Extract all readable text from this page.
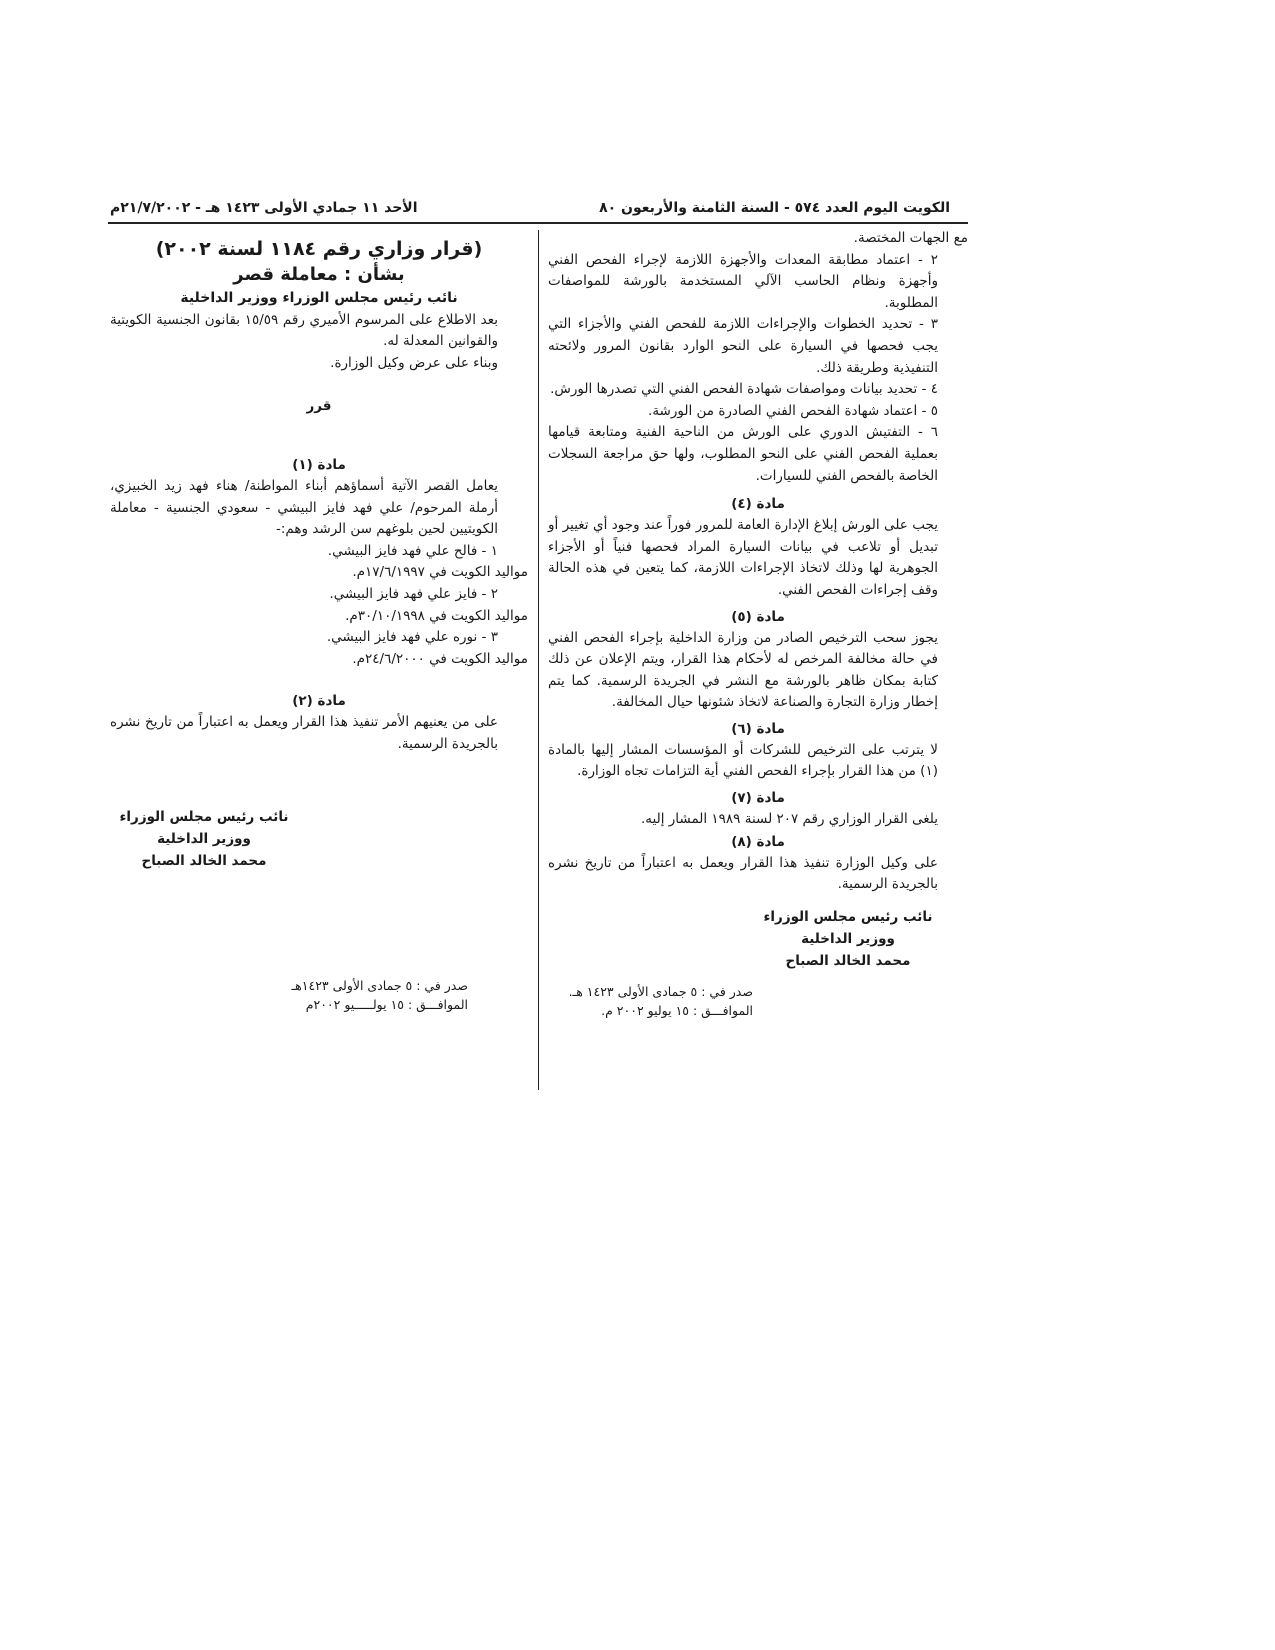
الكويت اليوم العدد ٥٧٤ - السنة الثامنة والأربعون ٨٠
الأحد ١١ جمادي الأولى ١٤٢٣ هـ - ٢١/٧/٢٠٠٢م

مع الجهات المختصة.

٢ - اعتماد مطابقة المعدات والأجهزة اللازمة لإجراء الفحص الفني وأجهزة ونظام الحاسب الآلي المستخدمة بالورشة للمواصفات المطلوبة.

٣ - تحديد الخطوات والإجراءات اللازمة للفحص الفني والأجزاء التي يجب فحصها في السيارة على النحو الوارد بقانون المرور ولائحته التنفيذية وطريقة ذلك.

٤ - تحديد بيانات ومواصفات شهادة الفحص الفني التي تصدرها الورش.

٥ - اعتماد شهادة الفحص الفني الصادرة من الورشة.

٦ - التفتيش الدوري على الورش من الناحية الفنية ومتابعة قيامها بعملية الفحص الفني على النحو المطلوب، ولها حق مراجعة السجلات الخاصة بالفحص الفني للسيارات.

مادة (٤)

يجب على الورش إبلاغ الإدارة العامة للمرور فوراً عند وجود أي تغيير أو تبديل أو تلاعب في بيانات السيارة المراد فحصها فنياً أو الأجزاء الجوهرية لها وذلك لاتخاذ الإجراءات اللازمة، كما يتعين في هذه الحالة وقف إجراءات الفحص الفني.

مادة (٥)

يجوز سحب الترخيص الصادر من وزارة الداخلية بإجراء الفحص الفني في حالة مخالفة المرخص له لأحكام هذا القرار، ويتم الإعلان عن ذلك كتابة بمكان ظاهر بالورشة مع النشر في الجريدة الرسمية. كما يتم إخطار وزارة التجارة والصناعة لاتخاذ شئونها حيال المخالفة.

مادة (٦)

لا يترتب على الترخيص للشركات أو المؤسسات المشار إليها بالمادة (١) من هذا القرار بإجراء الفحص الفني أية التزامات تجاه الوزارة.

مادة (٧)

يلغى القرار الوزاري رقم ٢٠٧ لسنة ١٩٨٩ المشار إليه.

مادة (٨)

على وكيل الوزارة تنفيذ هذا القرار ويعمل به اعتباراً من تاريخ نشره بالجريدة الرسمية.

نائب رئيس مجلس الوزراء

ووزير الداخلية

محمد الخالد الصباح

صدر في : ٥ جمادى الأولى ١٤٢٣ هـ.

الموافـــق : ١٥ يوليو ٢٠٠٢ م.

(قرار وزاري رقم ١١٨٤ لسنة ٢٠٠٢)

بشأن : معاملة قصر

نائب رئيس مجلس الوزراء ووزير الداخلية

بعد الاطلاع على المرسوم الأميري رقم ١٥/٥٩ بقانون الجنسية الكويتية والقوانين المعدلة له.

وبناء على عرض وكيل الوزارة.

قرر

مادة (١)

يعامل القصر الآتية أسماؤهم أبناء المواطنة/ هناء فهد زيد الخبيزي، أرملة المرحوم/ علي فهد فايز البيشي - سعودي الجنسية - معاملة الكويتيين لحين بلوغهم سن الرشد وهم:-

١ - فالح علي فهد فايز البيشي.

مواليد الكويت في ١٧/٦/١٩٩٧م.

٢ - فايز علي فهد فايز البيشي.

مواليد الكويت في ٣٠/١٠/١٩٩٨م.

٣ - نوره علي فهد فايز البيشي.

مواليد الكويت في ٢٤/٦/٢٠٠٠م.

مادة (٢)

على من يعنيهم الأمر تنفيذ هذا القرار ويعمل به اعتباراً من تاريخ نشره بالجريدة الرسمية.

نائب رئيس مجلس الوزراء

ووزير الداخلية

محمد الخالد الصباح

صدر في : ٥ جمادى الأولى ١٤٢٣هـ

الموافـــق : ١٥ يولـــــيو ٢٠٠٢م
